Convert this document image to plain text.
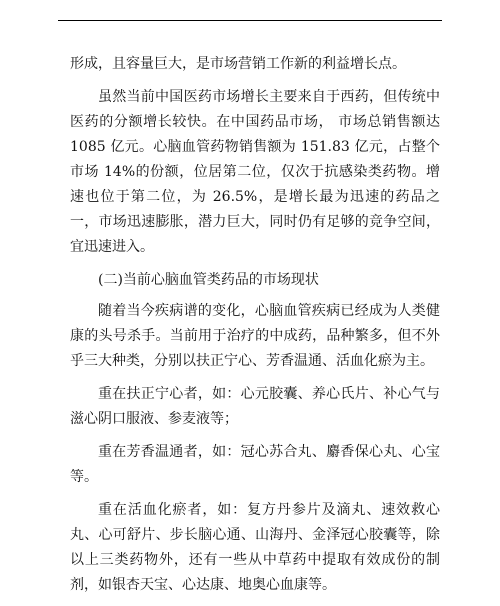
形成，且容量巨大，是市场营销工作新的利益增长点。

虽然当前中国医药市场增长主要来自于西药，但传统中医药的分额增长较快。在中国药品市场， 市场总销售额达1085 亿元。心脑血管药物销售额为 151.83 亿元，占整个市场 14%的份额，位居第二位，仅次于抗感染类药物。增速也位于第二位，为 26.5%，是增长最为迅速的药品之一，市场迅速膨胀，潜力巨大，同时仍有足够的竞争空间，宜迅速进入。

(二)当前心脑血管类药品的市场现状

随着当今疾病谱的变化，心脑血管疾病已经成为人类健康的头号杀手。当前用于治疗的中成药，品种繁多，但不外乎三大种类，分别以扶正宁心、芳香温通、活血化瘀为主。

重在扶正宁心者，如：心元胶囊、养心氏片、补心气与滋心阴口服液、参麦液等；

重在芳香温通者，如：冠心苏合丸、麝香保心丸、心宝等。

重在活血化瘀者，如：复方丹参片及滴丸、速效救心丸、心可舒片、步长脑心通、山海丹、金泽冠心胶囊等，除以上三类药物外，还有一些从中草药中提取有效成份的制剂，如银杏天宝、心达康、地奥心血康等。
